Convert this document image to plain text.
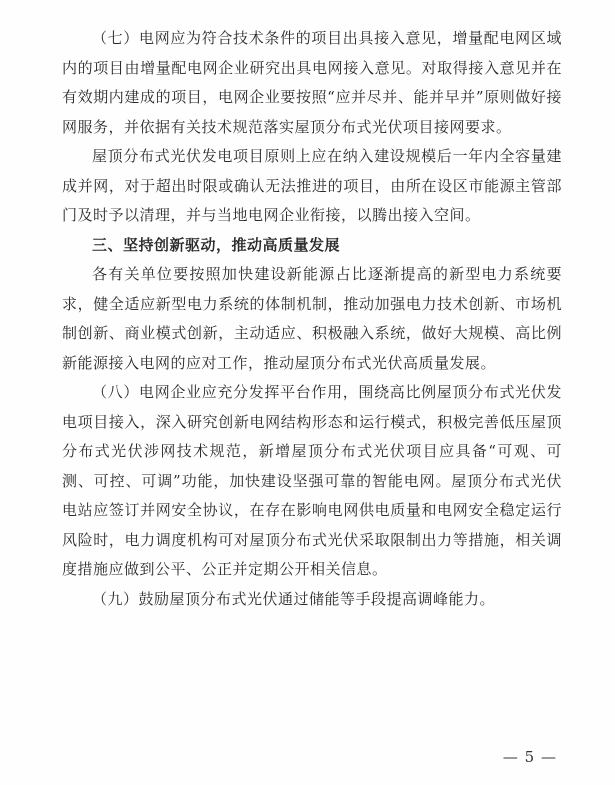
（七）电网应为符合技术条件的项目出具接入意见，增量配电网区域内的项目由增量配电网企业研究出具电网接入意见。对取得接入意见并在有效期内建成的项目，电网企业要按照“应并尽并、能并早并”原则做好接网服务，并依据有关技术规范落实屋顶分布式光伏项目接网要求。

屋顶分布式光伏发电项目原则上应在纳入建设规模后一年内全容量建成并网，对于超出时限或确认无法推进的项目，由所在设区市能源主管部门及时予以清理，并与当地电网企业衔接，以腾出接入空间。

三、坚持创新驱动，推动高质量发展

各有关单位要按照加快建设新能源占比逐渐提高的新型电力系统要求，健全适应新型电力系统的体制机制，推动加强电力技术创新、市场机制创新、商业模式创新，主动适应、积极融入系统，做好大规模、高比例新能源接入电网的应对工作，推动屋顶分布式光伏高质量发展。

（八）电网企业应充分发挥平台作用，围绕高比例屋顶分布式光伏发电项目接入，深入研究创新电网结构形态和运行模式，积极完善低压屋顶分布式光伏涉网技术规范，新增屋顶分布式光伏项目应具备“可观、可测、可控、可调”功能，加快建设坚强可靠的智能电网。屋顶分布式光伏电站应签订并网安全协议，在存在影响电网供电质量和电网安全稳定运行风险时，电力调度机构可对屋顶分布式光伏采取限制出力等措施，相关调度措施应做到公平、公正并定期公开相关信息。

（九）鼓励屋顶分布式光伏通过储能等手段提高调峰能力。

— 5 —
